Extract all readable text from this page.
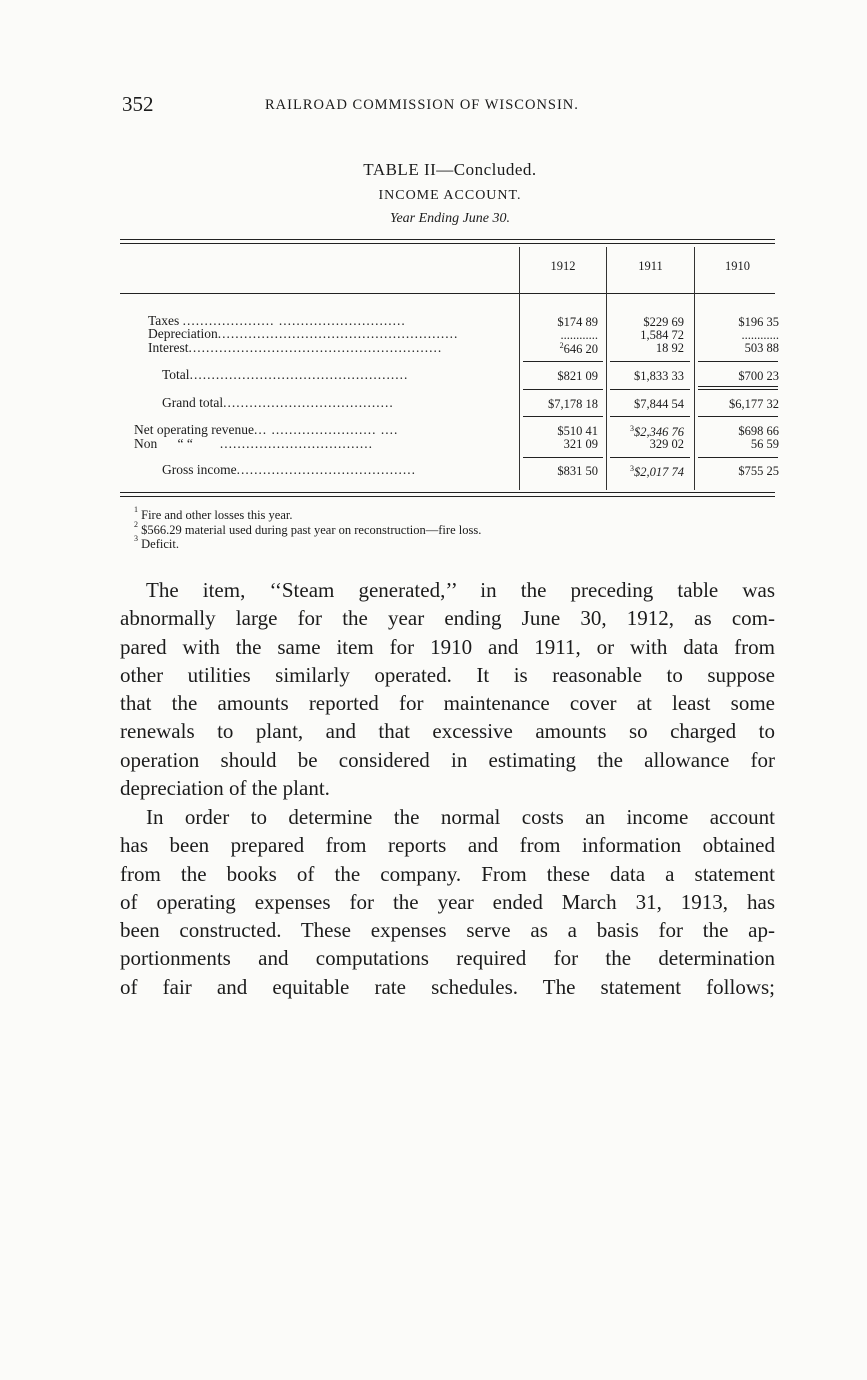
352	RAILROAD COMMISSION OF WISCONSIN.
TABLE II—Concluded.
INCOME ACCOUNT.
Year Ending June 30.
1912	1911	1910
Taxes ..................... .............................	$174 89	$229 69	$196 35
Depreciation.......................................................	............	1,584 72	............
Interest..........................................................	$^2$646 20	18 92	503 88
Total..................................................	$821 09	$1,833 33	$700 23
Grand total.......................................	$7,178 18	$7,844 54	$6,177 32
Net operating revenue... ........................ ....	$510 41	$^3$\$2,346 76	$698 66
Non “ “ ...................................	321 09	329 02	56 59
Gross income.........................................	$831 50	$^3$\$2,017 74	$755 25
$^1$ Fire and other losses this year.
$^2$ $566.29 material used during past year on reconstruction—fire loss.
$^3$ Deficit.
The item, ‘‘Steam generated,’’ in the preceding table was
abnormally large for the year ending June 30, 1912, as com-
pared with the same item for 1910 and 1911, or with data from
other utilities similarly operated. It is reasonable to suppose
that the amounts reported for maintenance cover at least some
renewals to plant, and that excessive amounts so charged to
operation should be considered in estimating the allowance for
depreciation of the plant.
In order to determine the normal costs an income account
has been prepared from reports and from information obtained
from the books of the company. From these data a statement
of operating expenses for the year ended March 31, 1913, has
been constructed. These expenses serve as a basis for the ap-
portionments and computations required for the determination
of fair and equitable rate schedules. The statement follows;
